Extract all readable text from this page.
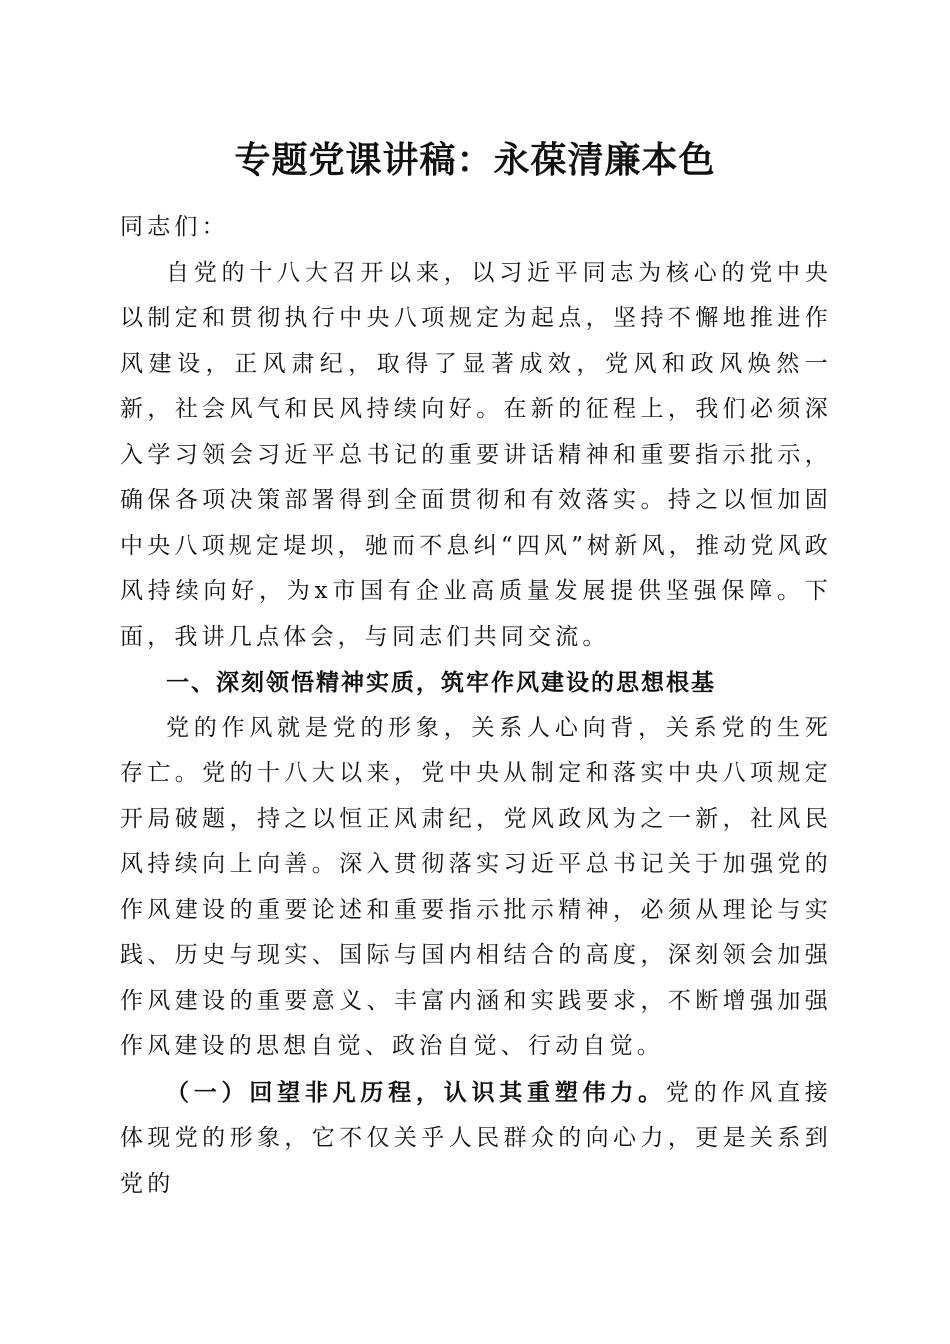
专题党课讲稿：永葆清廉本色

同志们：

自党的十八大召开以来，以习近平同志为核心的党中央以制定和贯彻执行中央八项规定为起点，坚持不懈地推进作风建设，正风肃纪，取得了显著成效，党风和政风焕然一新，社会风气和民风持续向好。在新的征程上，我们必须深入学习领会习近平总书记的重要讲话精神和重要指示批示，确保各项决策部署得到全面贯彻和有效落实。持之以恒加固中央八项规定堤坝，驰而不息纠“四风”树新风，推动党风政风持续向好，为x市国有企业高质量发展提供坚强保障。下面，我讲几点体会，与同志们共同交流。

一、深刻领悟精神实质，筑牢作风建设的思想根基

党的作风就是党的形象，关系人心向背，关系党的生死存亡。党的十八大以来，党中央从制定和落实中央八项规定开局破题，持之以恒正风肃纪，党风政风为之一新，社风民风持续向上向善。深入贯彻落实习近平总书记关于加强党的作风建设的重要论述和重要指示批示精神，必须从理论与实践、历史与现实、国际与国内相结合的高度，深刻领会加强作风建设的重要意义、丰富内涵和实践要求，不断增强加强作风建设的思想自觉、政治自觉、行动自觉。

（一）回望非凡历程，认识其重塑伟力。党的作风直接体现党的形象，它不仅关乎人民群众的向心力，更是关系到党的
